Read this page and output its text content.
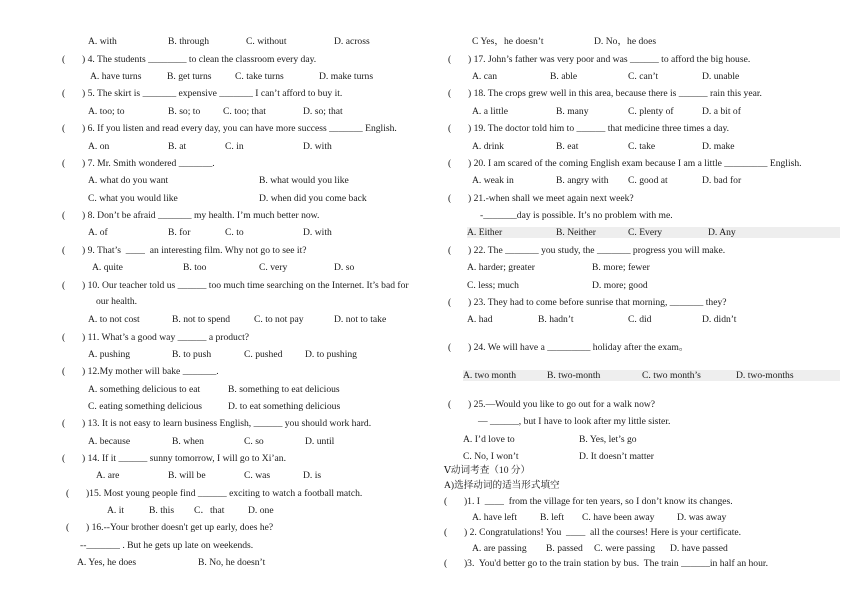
A. with	B. through	C. without	D. across
(       ) 4. The students ________ to clean the classroom every day.
A. have turns	B. get turns C. take turns	D. make turns
(       ) 5. The skirt is _______ expensive _______ I can’t afford to buy it.
A. too; to	B. so; to C. too; that	D. so; that
(       ) 6. If you listen and read every day, you can have more success _______ English.
A. on	B. at	C. in	D. with
(       ) 7. Mr. Smith wondered _______.
A. what do you want	B. what would you like
C. what you would like	D. when did you come back
(       ) 8. Don’t be afraid _______ my health. I’m much better now.
A. of	B. for	C. to	D. with
(       ) 9. That’s  ____  an interesting film. Why not go to see it?
A. quite	B. too	C. very	D. so
(       ) 10. Our teacher told us ______ too much time searching on the Internet. It’s bad for
our health.
A. to not cost	B. not to spend C. to not pay	D. not to take
(       ) 11. What’s a good way ______ a product?
A. pushing	B. to push	C. pushed D. to pushing
(       ) 12.My mother will bake _______.
A. something delicious to eat	B. something to eat delicious
C. eating something delicious	D. to eat something delicious
(       ) 13. It is not easy to learn business English, ______ you should work hard.
A. because	B. when	C. so	D. until
(       ) 14. If it ______ sunny tomorrow, I will go to Xi’an.
A. are	B. will be	C. was	D. is
(       )15. Most young people find ______ exciting to watch a football match.
A. it	B. this C．that D. one
(       ) 16.--Your brother doesn't get up early, does he?
--_______ . But he gets up late on weekends.
A. Yes, he does	B. No, he doesn’t
C Yes，he doesn’t	D. No，he does
(       ) 17. John’s father was very poor and was ______ to afford the big house.
A. can	B. able	C. can’t	D. unable
(       ) 18. The crops grew well in this area, because there is ______ rain this year.
A. a little	B. many	C. plenty of	D. a bit of
(       ) 19. The doctor told him to ______ that medicine three times a day.
A. drink	B. eat	C. take	D. make
(       ) 20. I am scared of the coming English exam because I am a little _________ English.
A. weak in	B. angry with C. good at	D. bad for
(       ) 21.-when shall we meet again next week?
-_______day is possible. It’s no problem with me.
A. Either	B. Neither	C. Every	D. Any
(       ) 22. The _______ you study, the _______ progress you will make.
A. harder; greater	B. more; fewer
C. less; much	D. more; good
(       ) 23. They had to come before sunrise that morning, _______ they?
A. had	B. hadn’t	C. did	D. didn’t
(       ) 24. We will have a _________ holiday after the exam。
A. two month	B. two-month	C. two month’s	D. two-months
(       ) 25.—Would you like to go out for a walk now?
— ______, but I have to look after my little sister.
A. I’d love to	B. Yes, let’s go
C. No, I won’t	D. It doesn’t matter
Ⅴ动词考查（10 分）
A)选择动词的适当形式填空
(       )1. I  ____  from the village for ten years, so I don’t know its changes.
A. have left B. left C. have been away D. was away
(       ) 2. Congratulations! You  ____  all the courses! Here is your certificate.
A. are passing B. passed C. were passing D. have passed
(       )3.  You'd better go to the train station by bus.  The train ______in half an hour.
